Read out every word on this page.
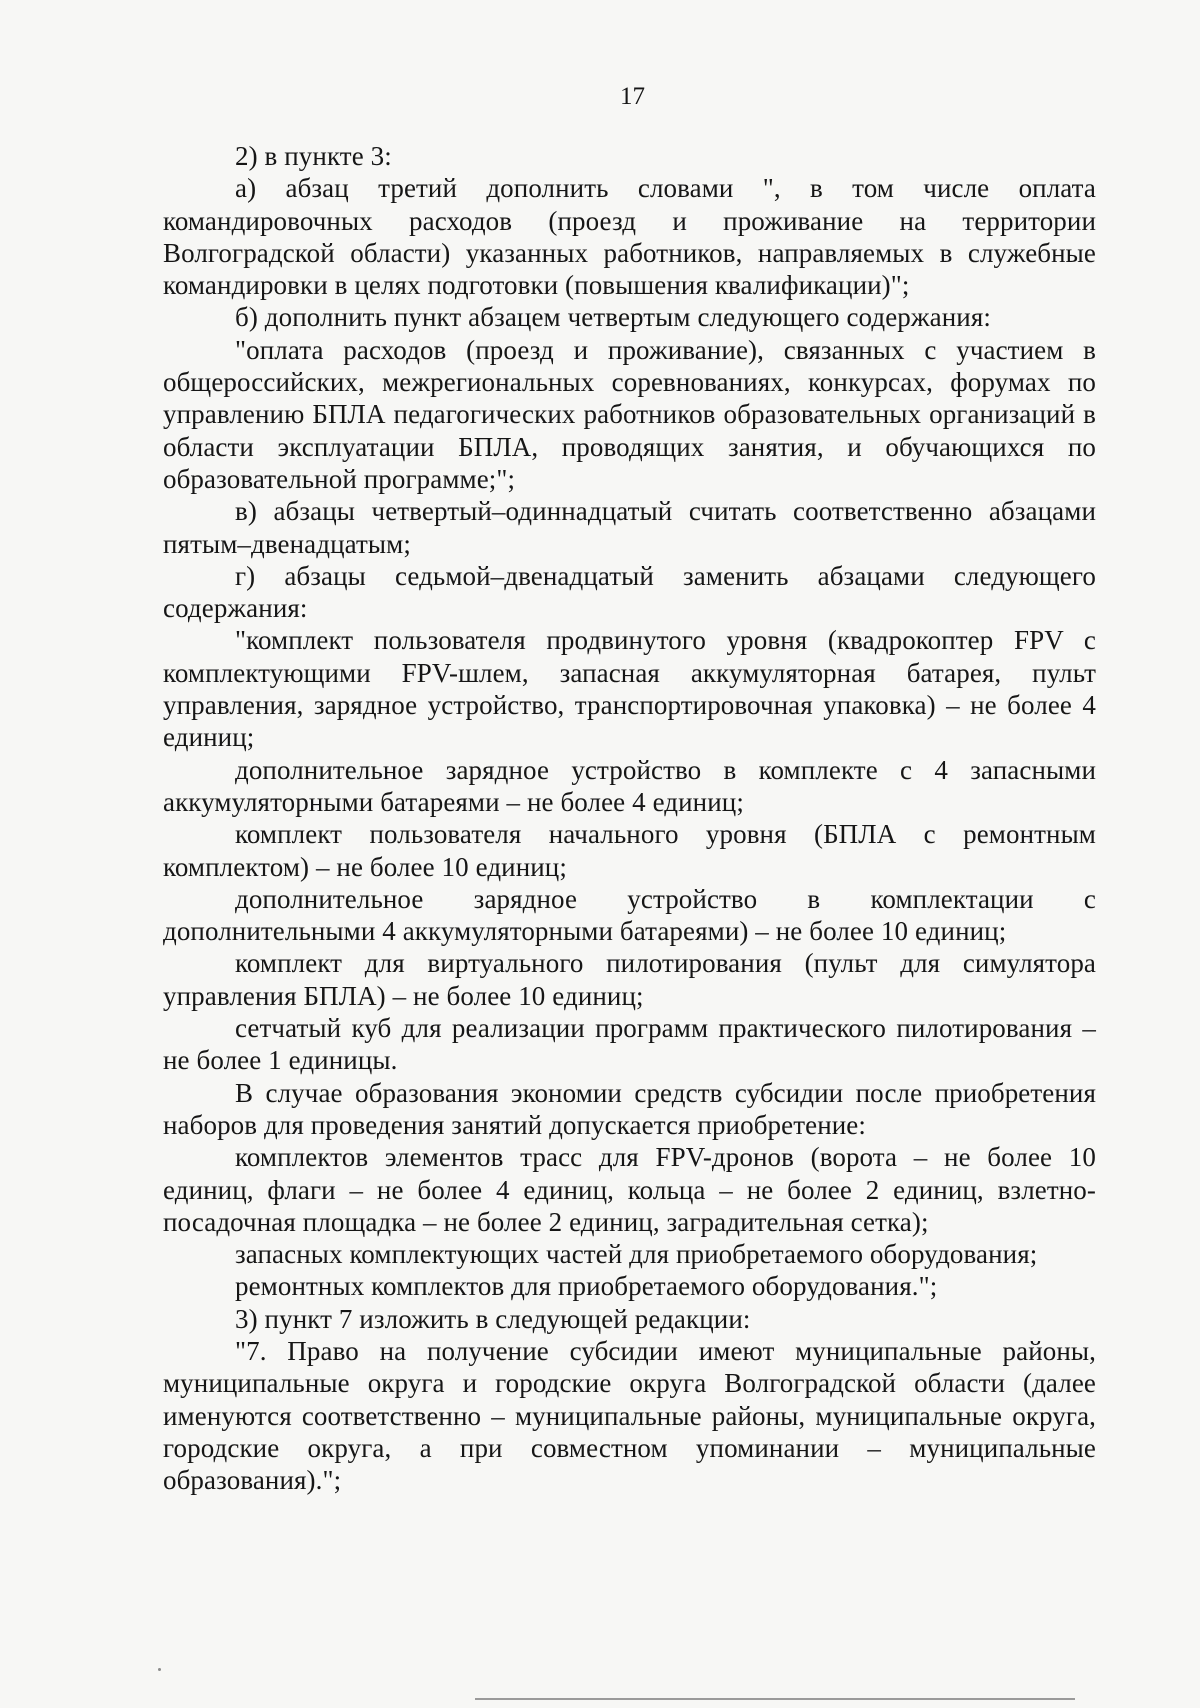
17

2) в пункте 3:

а) абзац третий дополнить словами ", в том числе оплата командировочных расходов (проезд и проживание на территории Волгоградской области) указанных работников, направляемых в служебные командировки в целях подготовки (повышения квалификации)";

б) дополнить пункт абзацем четвертым следующего содержания:

"оплата расходов (проезд и проживание), связанных с участием в общероссийских, межрегиональных соревнованиях, конкурсах, форумах по управлению БПЛА педагогических работников образовательных организаций в области эксплуатации БПЛА, проводящих занятия, и обучающихся по образовательной программе;";

в) абзацы четвертый–одиннадцатый считать соответственно абзацами пятым–двенадцатым;

г) абзацы седьмой–двенадцатый заменить абзацами следующего содержания:

"комплект пользователя продвинутого уровня (квадрокоптер FPV с комплектующими FPV-шлем, запасная аккумуляторная батарея, пульт управления, зарядное устройство, транспортировочная упаковка) – не более 4 единиц;

дополнительное зарядное устройство в комплекте с 4 запасными аккумуляторными батареями – не более 4 единиц;

комплект пользователя начального уровня (БПЛА с ремонтным комплектом) – не более 10 единиц;

дополнительное зарядное устройство в комплектации с дополнительными 4 аккумуляторными батареями) – не более 10 единиц;

комплект для виртуального пилотирования (пульт для симулятора управления БПЛА) – не более 10 единиц;

сетчатый куб для реализации программ практического пилотирования – не более 1 единицы.

В случае образования экономии средств субсидии после приобретения наборов для проведения занятий допускается приобретение:

комплектов элементов трасс для FPV-дронов (ворота – не более 10 единиц, флаги – не более 4 единиц, кольца – не более 2 единиц, взлетно-посадочная площадка – не более 2 единиц, заградительная сетка);

запасных комплектующих частей для приобретаемого оборудования;

ремонтных комплектов для приобретаемого оборудования.";

3) пункт 7 изложить в следующей редакции:

"7. Право на получение субсидии имеют муниципальные районы, муниципальные округа и городские округа Волгоградской области (далее именуются соответственно – муниципальные районы, муниципальные округа, городские округа, а при совместном упоминании – муниципальные образования).";
